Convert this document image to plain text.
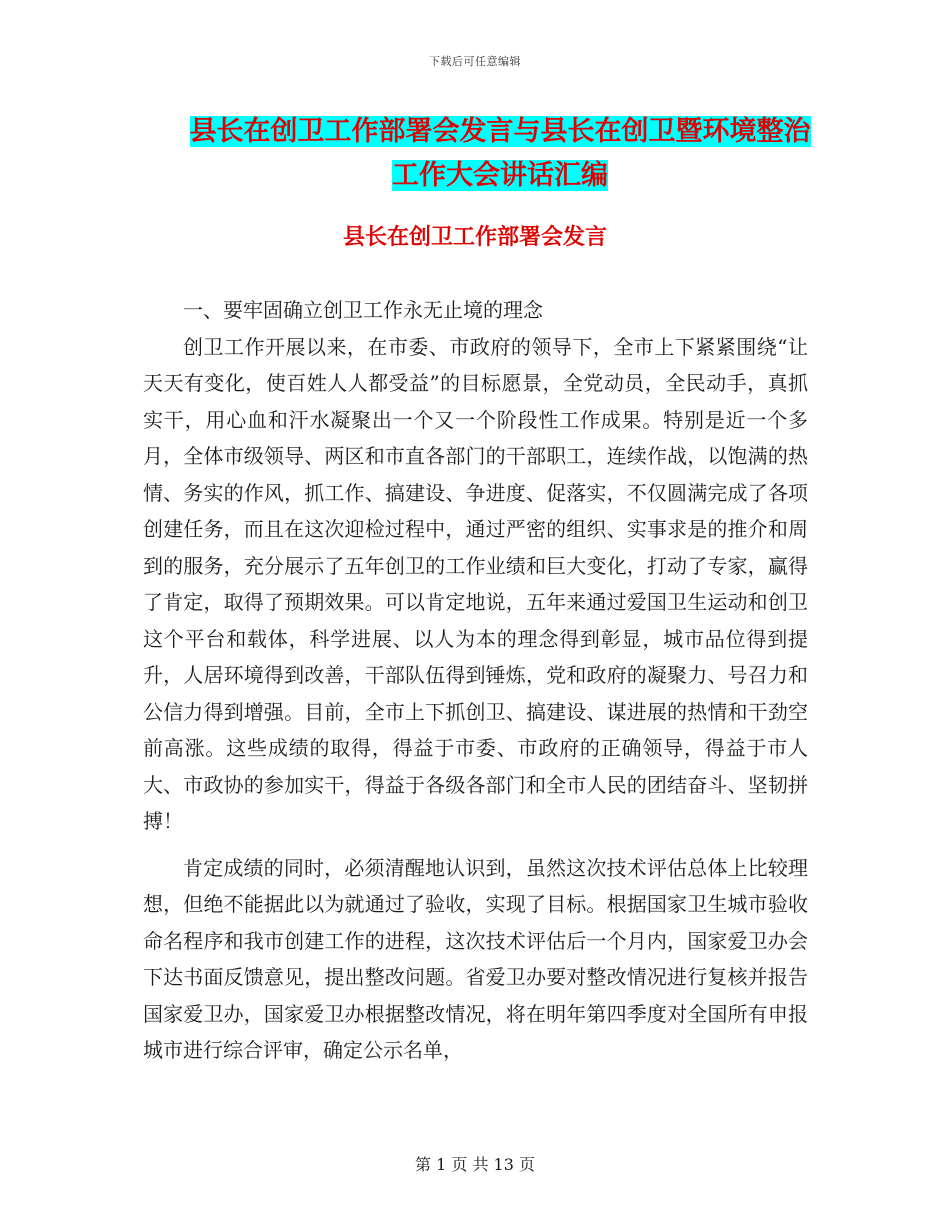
下载后可任意编辑
县长在创卫工作部署会发言与县长在创卫暨环境整治
工作大会讲话汇编
县长在创卫工作部署会发言

一、要牢固确立创卫工作永无止境的理念

创卫工作开展以来，在市委、市政府的领导下，全市上下紧紧围绕“让天天有变化，使百姓人人都受益”的目标愿景，全党动员，全民动手，真抓实干，用心血和汗水凝聚出一个又一个阶段性工作成果。特别是近一个多月，全体市级领导、两区和市直各部门的干部职工，连续作战，以饱满的热情、务实的作风，抓工作、搞建设、争进度、促落实，不仅圆满完成了各项创建任务，而且在这次迎检过程中，通过严密的组织、实事求是的推介和周到的服务，充分展示了五年创卫的工作业绩和巨大变化，打动了专家，赢得了肯定，取得了预期效果。可以肯定地说，五年来通过爱国卫生运动和创卫这个平台和载体，科学进展、以人为本的理念得到彰显，城市品位得到提升，人居环境得到改善，干部队伍得到锤炼，党和政府的凝聚力、号召力和公信力得到增强。目前，全市上下抓创卫、搞建设、谋进展的热情和干劲空前高涨。这些成绩的取得，得益于市委、市政府的正确领导，得益于市人大、市政协的参加实干，得益于各级各部门和全市人民的团结奋斗、坚韧拼搏！

肯定成绩的同时，必须清醒地认识到，虽然这次技术评估总体上比较理想，但绝不能据此以为就通过了验收，实现了目标。根据国家卫生城市验收命名程序和我市创建工作的进程，这次技术评估后一个月内，国家爱卫办会下达书面反馈意见，提出整改问题。省爱卫办要对整改情况进行复核并报告国家爱卫办，国家爱卫办根据整改情况，将在明年第四季度对全国所有申报城市进行综合评审，确定公示名单，

第 1 页 共 13 页
